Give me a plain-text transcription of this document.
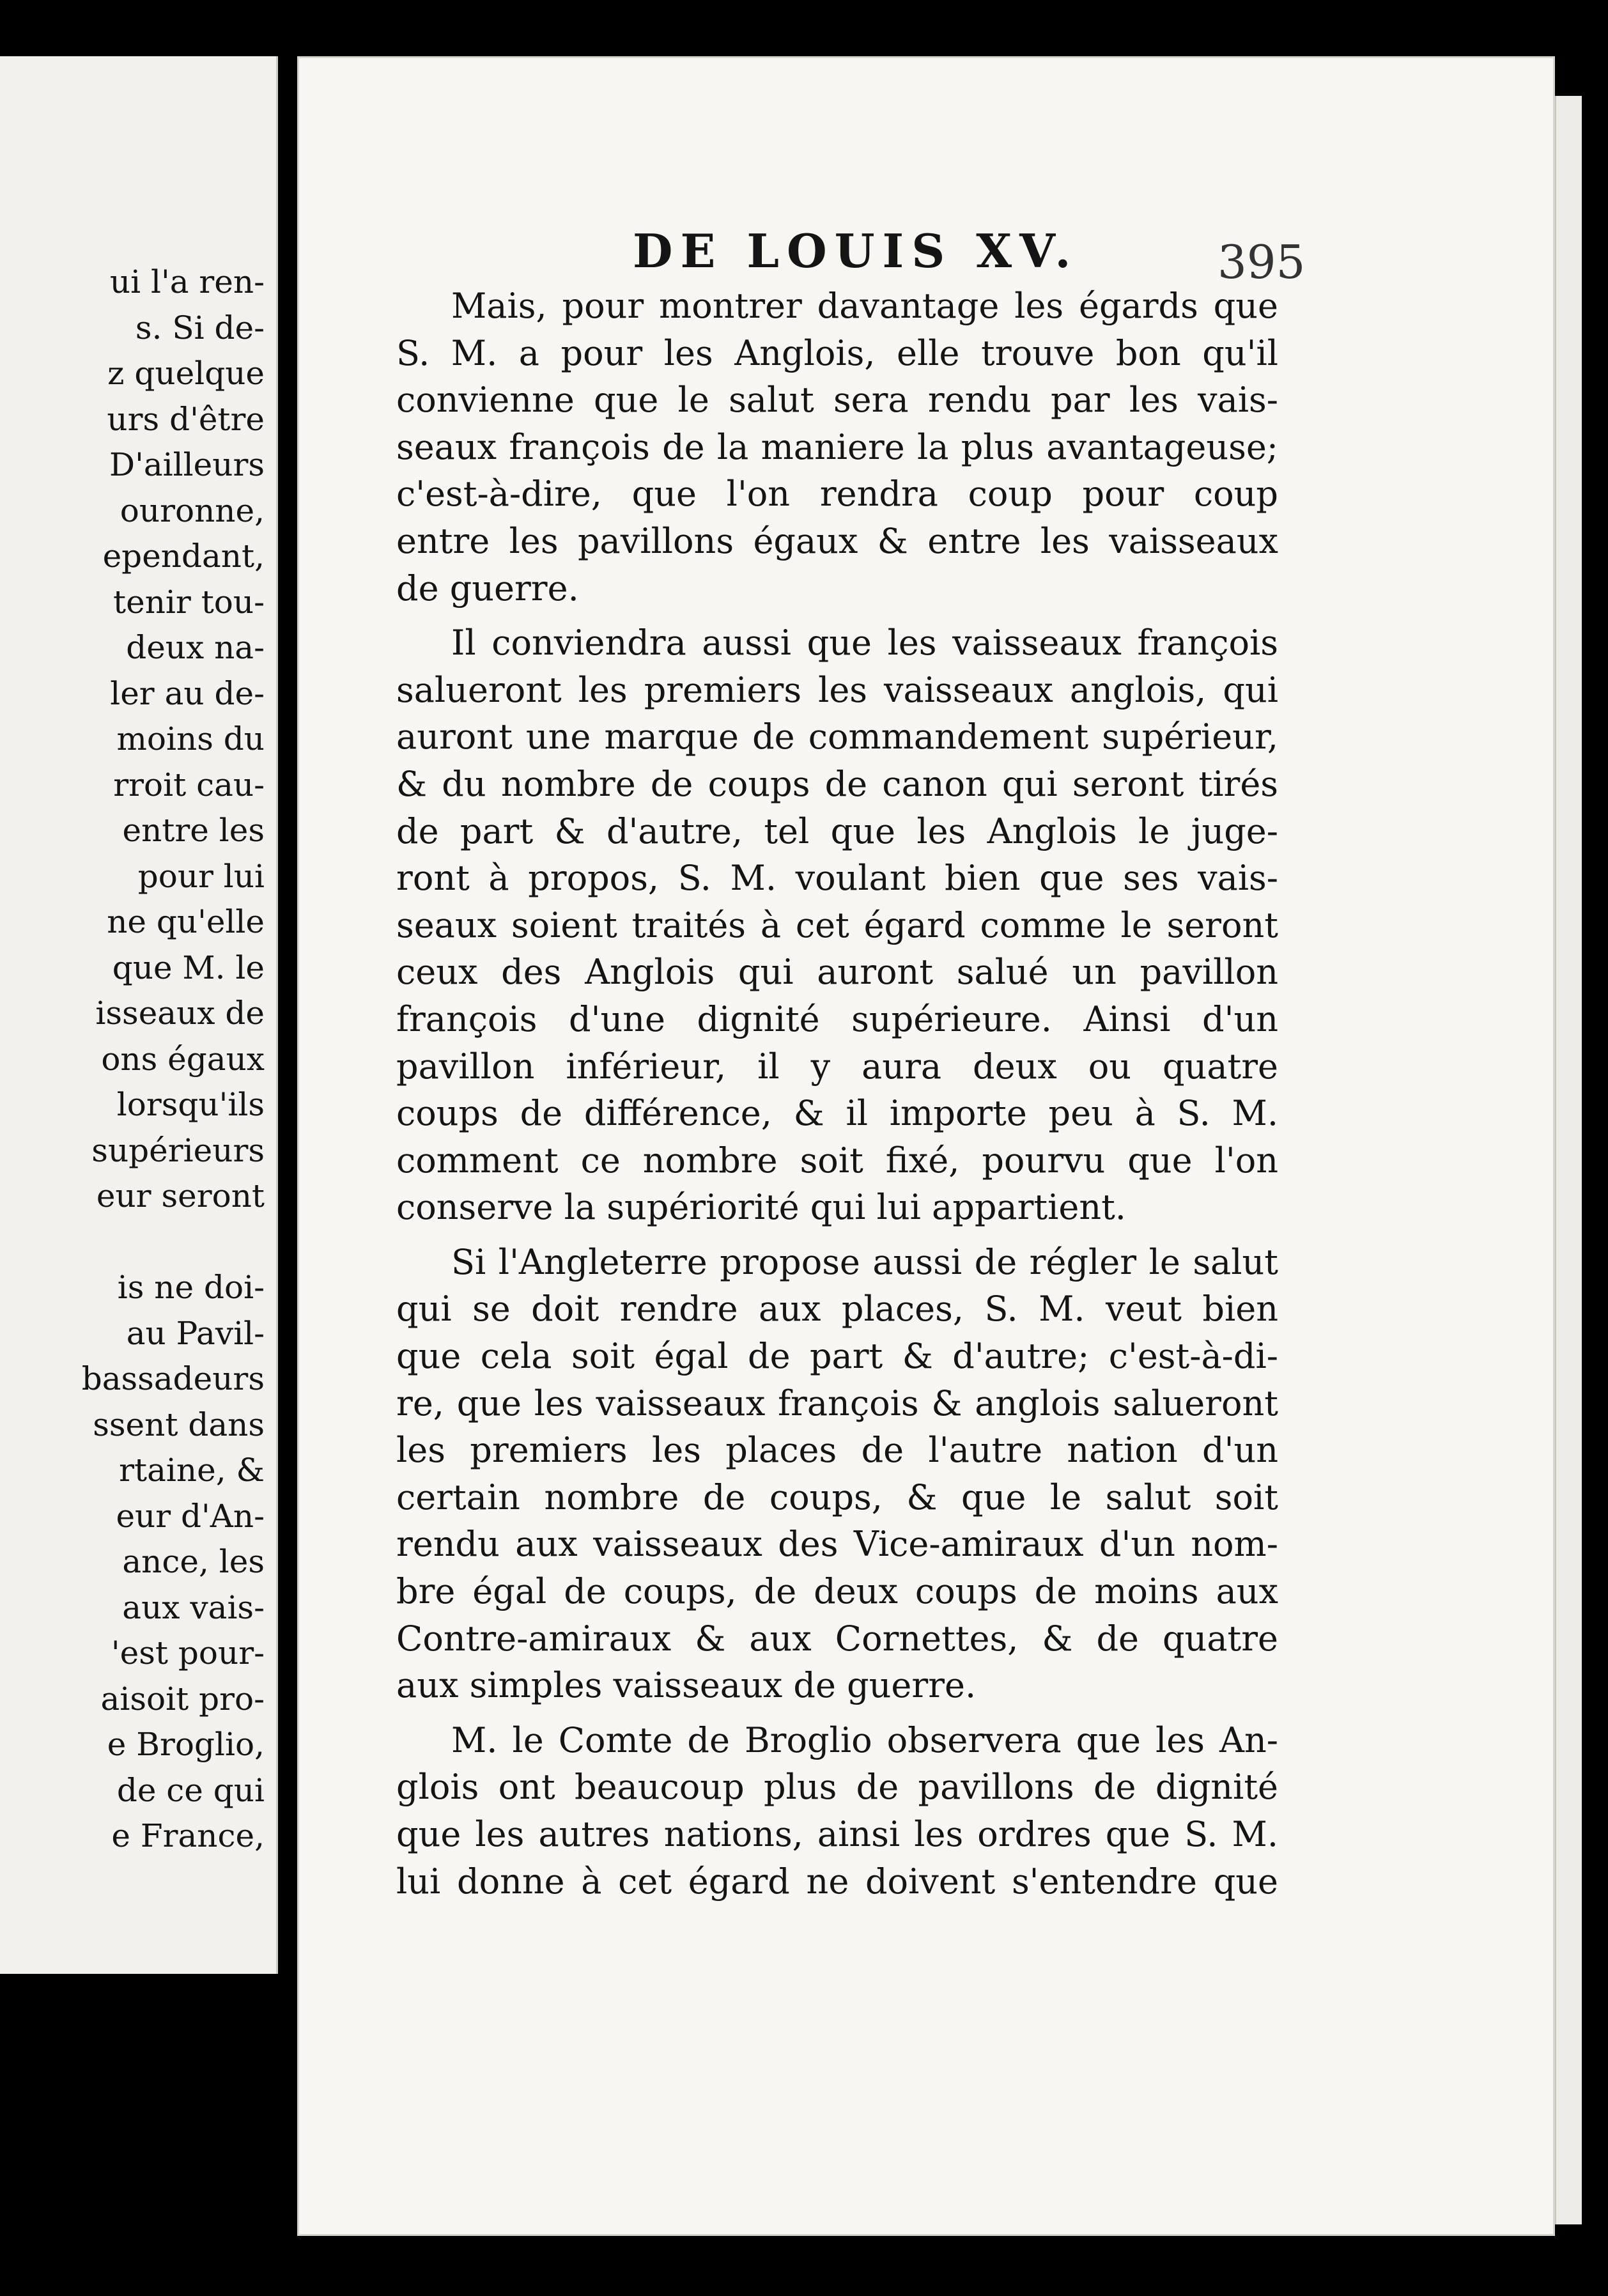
ui l'a ren-
s. Si de-
z quelque
urs d'être
D'ailleurs
ouronne,
ependant,
tenir tou-
deux na-
ler au de-
moins du
rroit cau-
entre les
pour lui
ne qu'elle
que M. le
isseaux de
ons égaux
lorsqu'ils
supérieurs
eur seront
is ne doi-
au Pavil-
bassadeurs
ssent dans
rtaine, &
eur d'An-
ance, les
aux vais-
'est pour-
aisoit pro-
e Broglio,
de ce qui
e France,
DE LOUIS XV.	395
Mais, pour montrer davantage les égards que
S. M. a pour les Anglois, elle trouve bon qu'il
convienne que le salut sera rendu par les vais-
seaux françois de la maniere la plus avantageuse;
c'est-à-dire, que l'on rendra coup pour coup
entre les pavillons égaux & entre les vaisseaux
de guerre.
Il conviendra aussi que les vaisseaux françois
salueront les premiers les vaisseaux anglois, qui
auront une marque de commandement supérieur,
& du nombre de coups de canon qui seront tirés
de part & d'autre, tel que les Anglois le juge-
ront à propos, S. M. voulant bien que ses vais-
seaux soient traités à cet égard comme le seront
ceux des Anglois qui auront salué un pavillon
françois d'une dignité supérieure. Ainsi d'un
pavillon inférieur, il y aura deux ou quatre
coups de différence, & il importe peu à S. M.
comment ce nombre soit fixé, pourvu que l'on
conserve la supériorité qui lui appartient.
Si l'Angleterre propose aussi de régler le salut
qui se doit rendre aux places, S. M. veut bien
que cela soit égal de part & d'autre; c'est-à-di-
re, que les vaisseaux françois & anglois salueront
les premiers les places de l'autre nation d'un
certain nombre de coups, & que le salut soit
rendu aux vaisseaux des Vice-amiraux d'un nom-
bre égal de coups, de deux coups de moins aux
Contre-amiraux & aux Cornettes, & de quatre
aux simples vaisseaux de guerre.
M. le Comte de Broglio observera que les An-
glois ont beaucoup plus de pavillons de dignité
que les autres nations, ainsi les ordres que S. M.
lui donne à cet égard ne doivent s'entendre que
